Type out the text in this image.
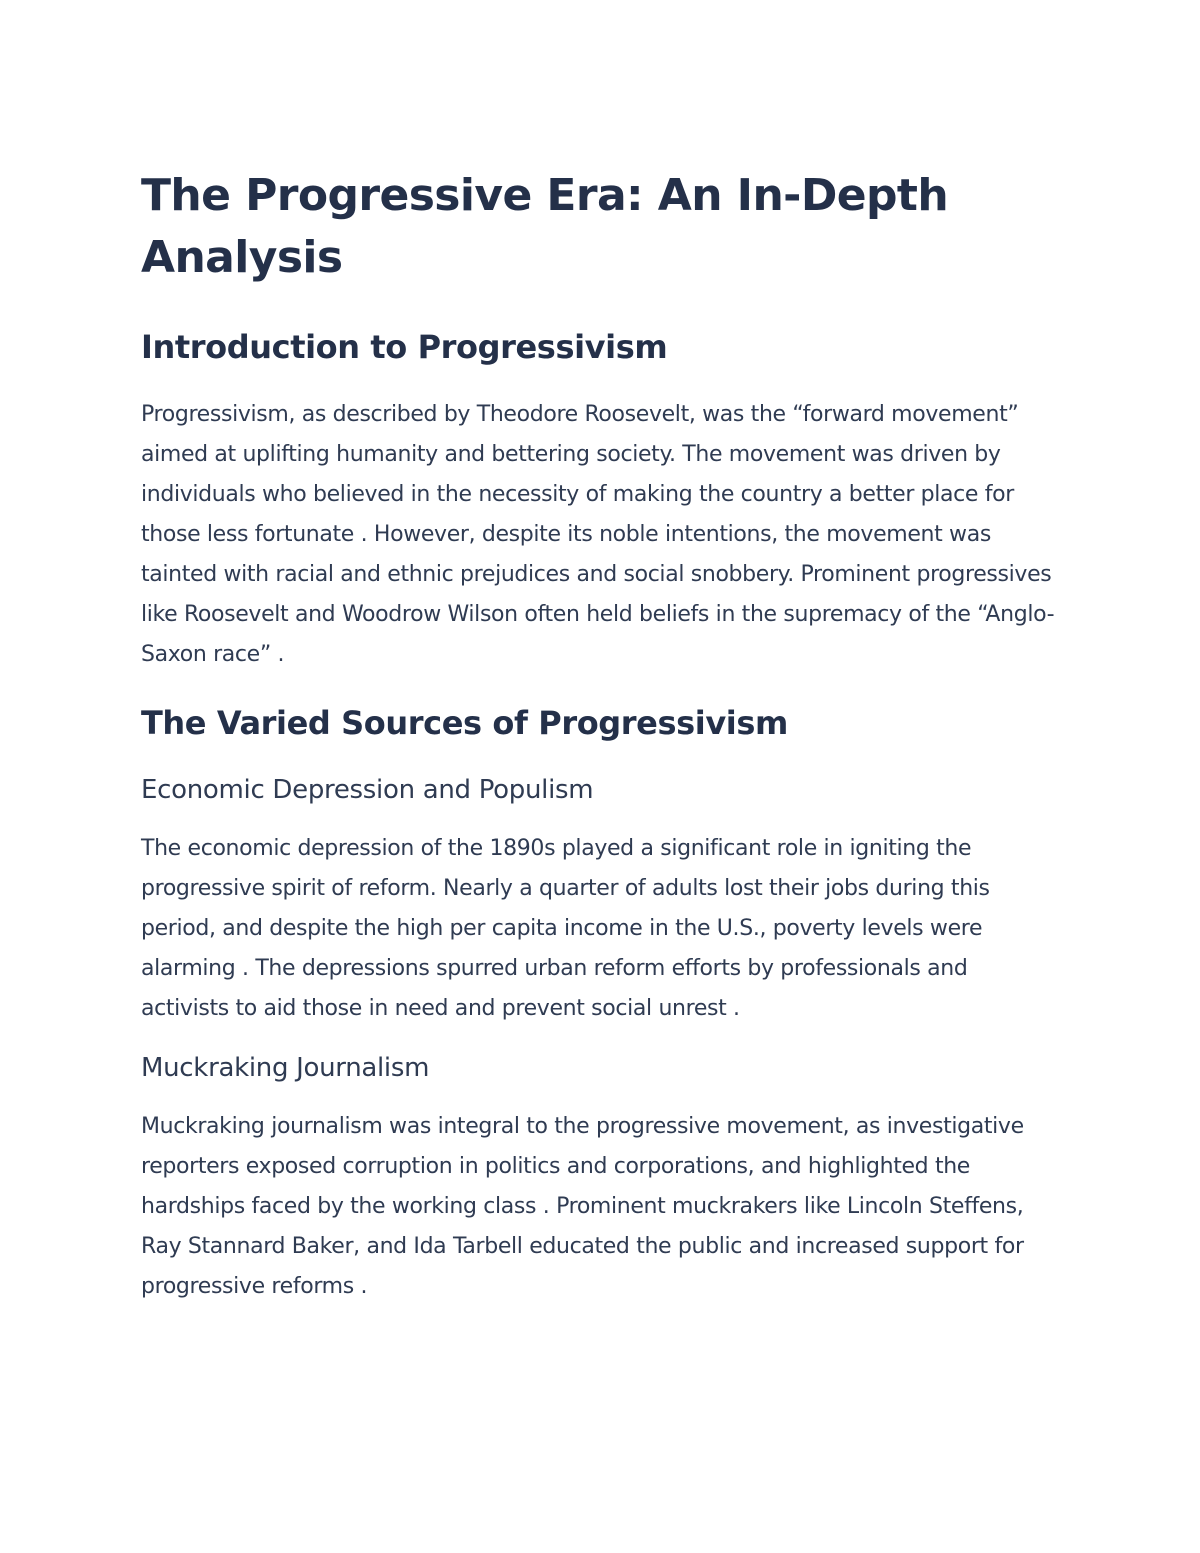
The Progressive Era: An In-Depth Analysis
Introduction to Progressivism

Progressivism, as described by Theodore Roosevelt, was the “forward movement” aimed at uplifting humanity and bettering society. The movement was driven by individuals who believed in the necessity of making the country a better place for those less fortunate . However, despite its noble intentions, the movement was tainted with racial and ethnic prejudices and social snobbery. Prominent progressives like Roosevelt and Woodrow Wilson often held beliefs in the supremacy of the “Anglo-Saxon race” .

The Varied Sources of Progressivism
Economic Depression and Populism

The economic depression of the 1890s played a significant role in igniting the progressive spirit of reform. Nearly a quarter of adults lost their jobs during this period, and despite the high per capita income in the U.S., poverty levels were alarming . The depressions spurred urban reform efforts by professionals and activists to aid those in need and prevent social unrest .

Muckraking Journalism

Muckraking journalism was integral to the progressive movement, as investigative reporters exposed corruption in politics and corporations, and highlighted the hardships faced by the working class . Prominent muckrakers like Lincoln Steffens, Ray Stannard Baker, and Ida Tarbell educated the public and increased support for progressive reforms .
